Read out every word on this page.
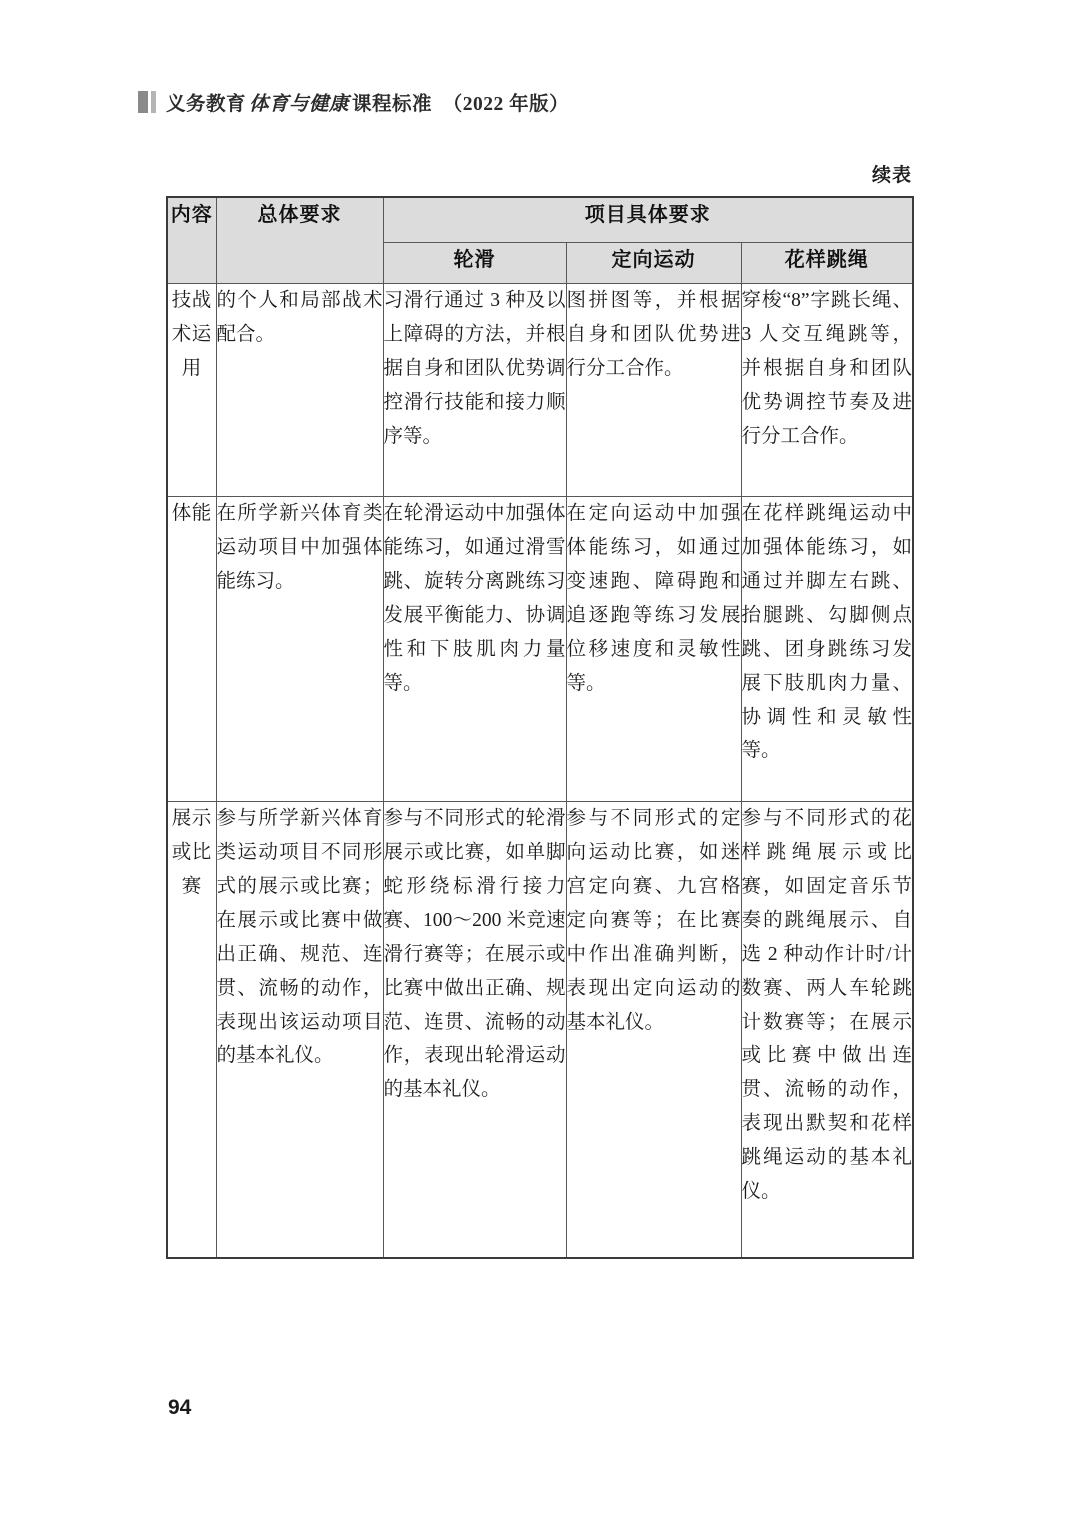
义务教育 体育与健康 课程标准 （2022 年版）
续表
内容	总体要求	项目具体要求		
		轮滑	定向运动	花样跳绳

技战
术运
用	的个人和局部战术配合。	习滑行通过 3 种及以上障碍的方法，并根据自身和团队优势调控滑行技能和接力顺序等。	图拼图等，并根据自身和团队优势进行分工合作。	穿梭“8”字跳长绳、3 人交互绳跳等，并根据自身和团队优势调控节奏及进行分工合作。

体能	在所学新兴体育类运动项目中加强体能练习。	在轮滑运动中加强体能练习，如通过滑雪跳、旋转分离跳练习发展平衡能力、协调性和下肢肌肉力量等。	在定向运动中加强体能练习，如通过变速跑、障碍跑和追逐跑等练习发展位移速度和灵敏性等。	在花样跳绳运动中加强体能练习，如通过并脚左右跳、抬腿跳、勾脚侧点跳、团身跳练习发展下肢肌肉力量、协调性和灵敏性等。

展示
或比
赛	参与所学新兴体育类运动项目不同形式的展示或比赛；在展示或比赛中做出正确、规范、连贯、流畅的动作，表现出该运动项目的基本礼仪。	参与不同形式的轮滑展示或比赛，如单脚蛇形绕标滑行接力赛、100～200 米竞速滑行赛等；在展示或比赛中做出正确、规范、连贯、流畅的动作，表现出轮滑运动的基本礼仪。	参与不同形式的定向运动比赛，如迷宫定向赛、九宫格定向赛等；在比赛中作出准确判断，表现出定向运动的基本礼仪。	参与不同形式的花样跳绳展示或比赛，如固定音乐节奏的跳绳展示、自选 2 种动作计时/计数赛、两人车轮跳计数赛等；在展示或比赛中做出连贯、流畅的动作，表现出默契和花样跳绳运动的基本礼仪。

94
